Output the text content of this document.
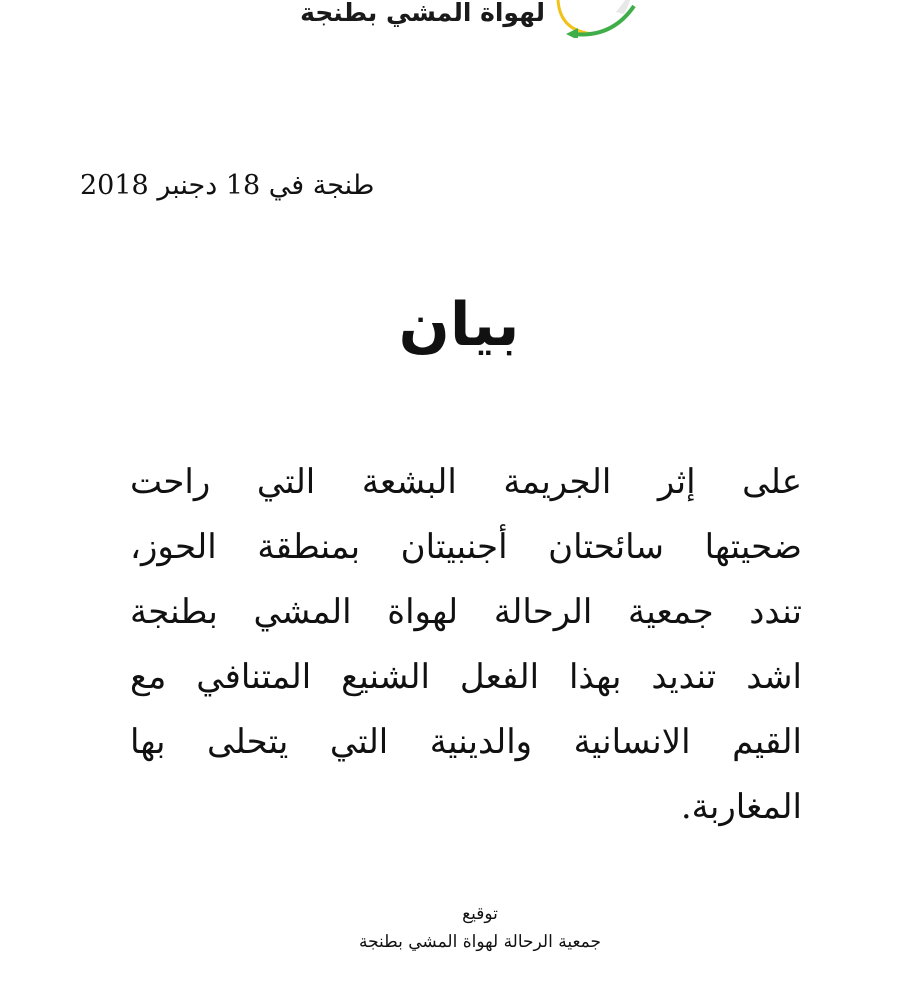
لهواة المشي بطنجة
طنجة في 18 دجنبر 2018
بيان
على إثر الجريمة البشعة التي راحت
ضحيتها سائحتان أجنبيتان بمنطقة الحوز،
تندد جمعية الرحالة لهواة المشي بطنجة
اشد تنديد بهذا الفعل الشنيع المتنافي مع
القيم الانسانية والدينية التي يتحلى بها
المغاربة.
توقيع
جمعية الرحالة لهواة المشي بطنجة
